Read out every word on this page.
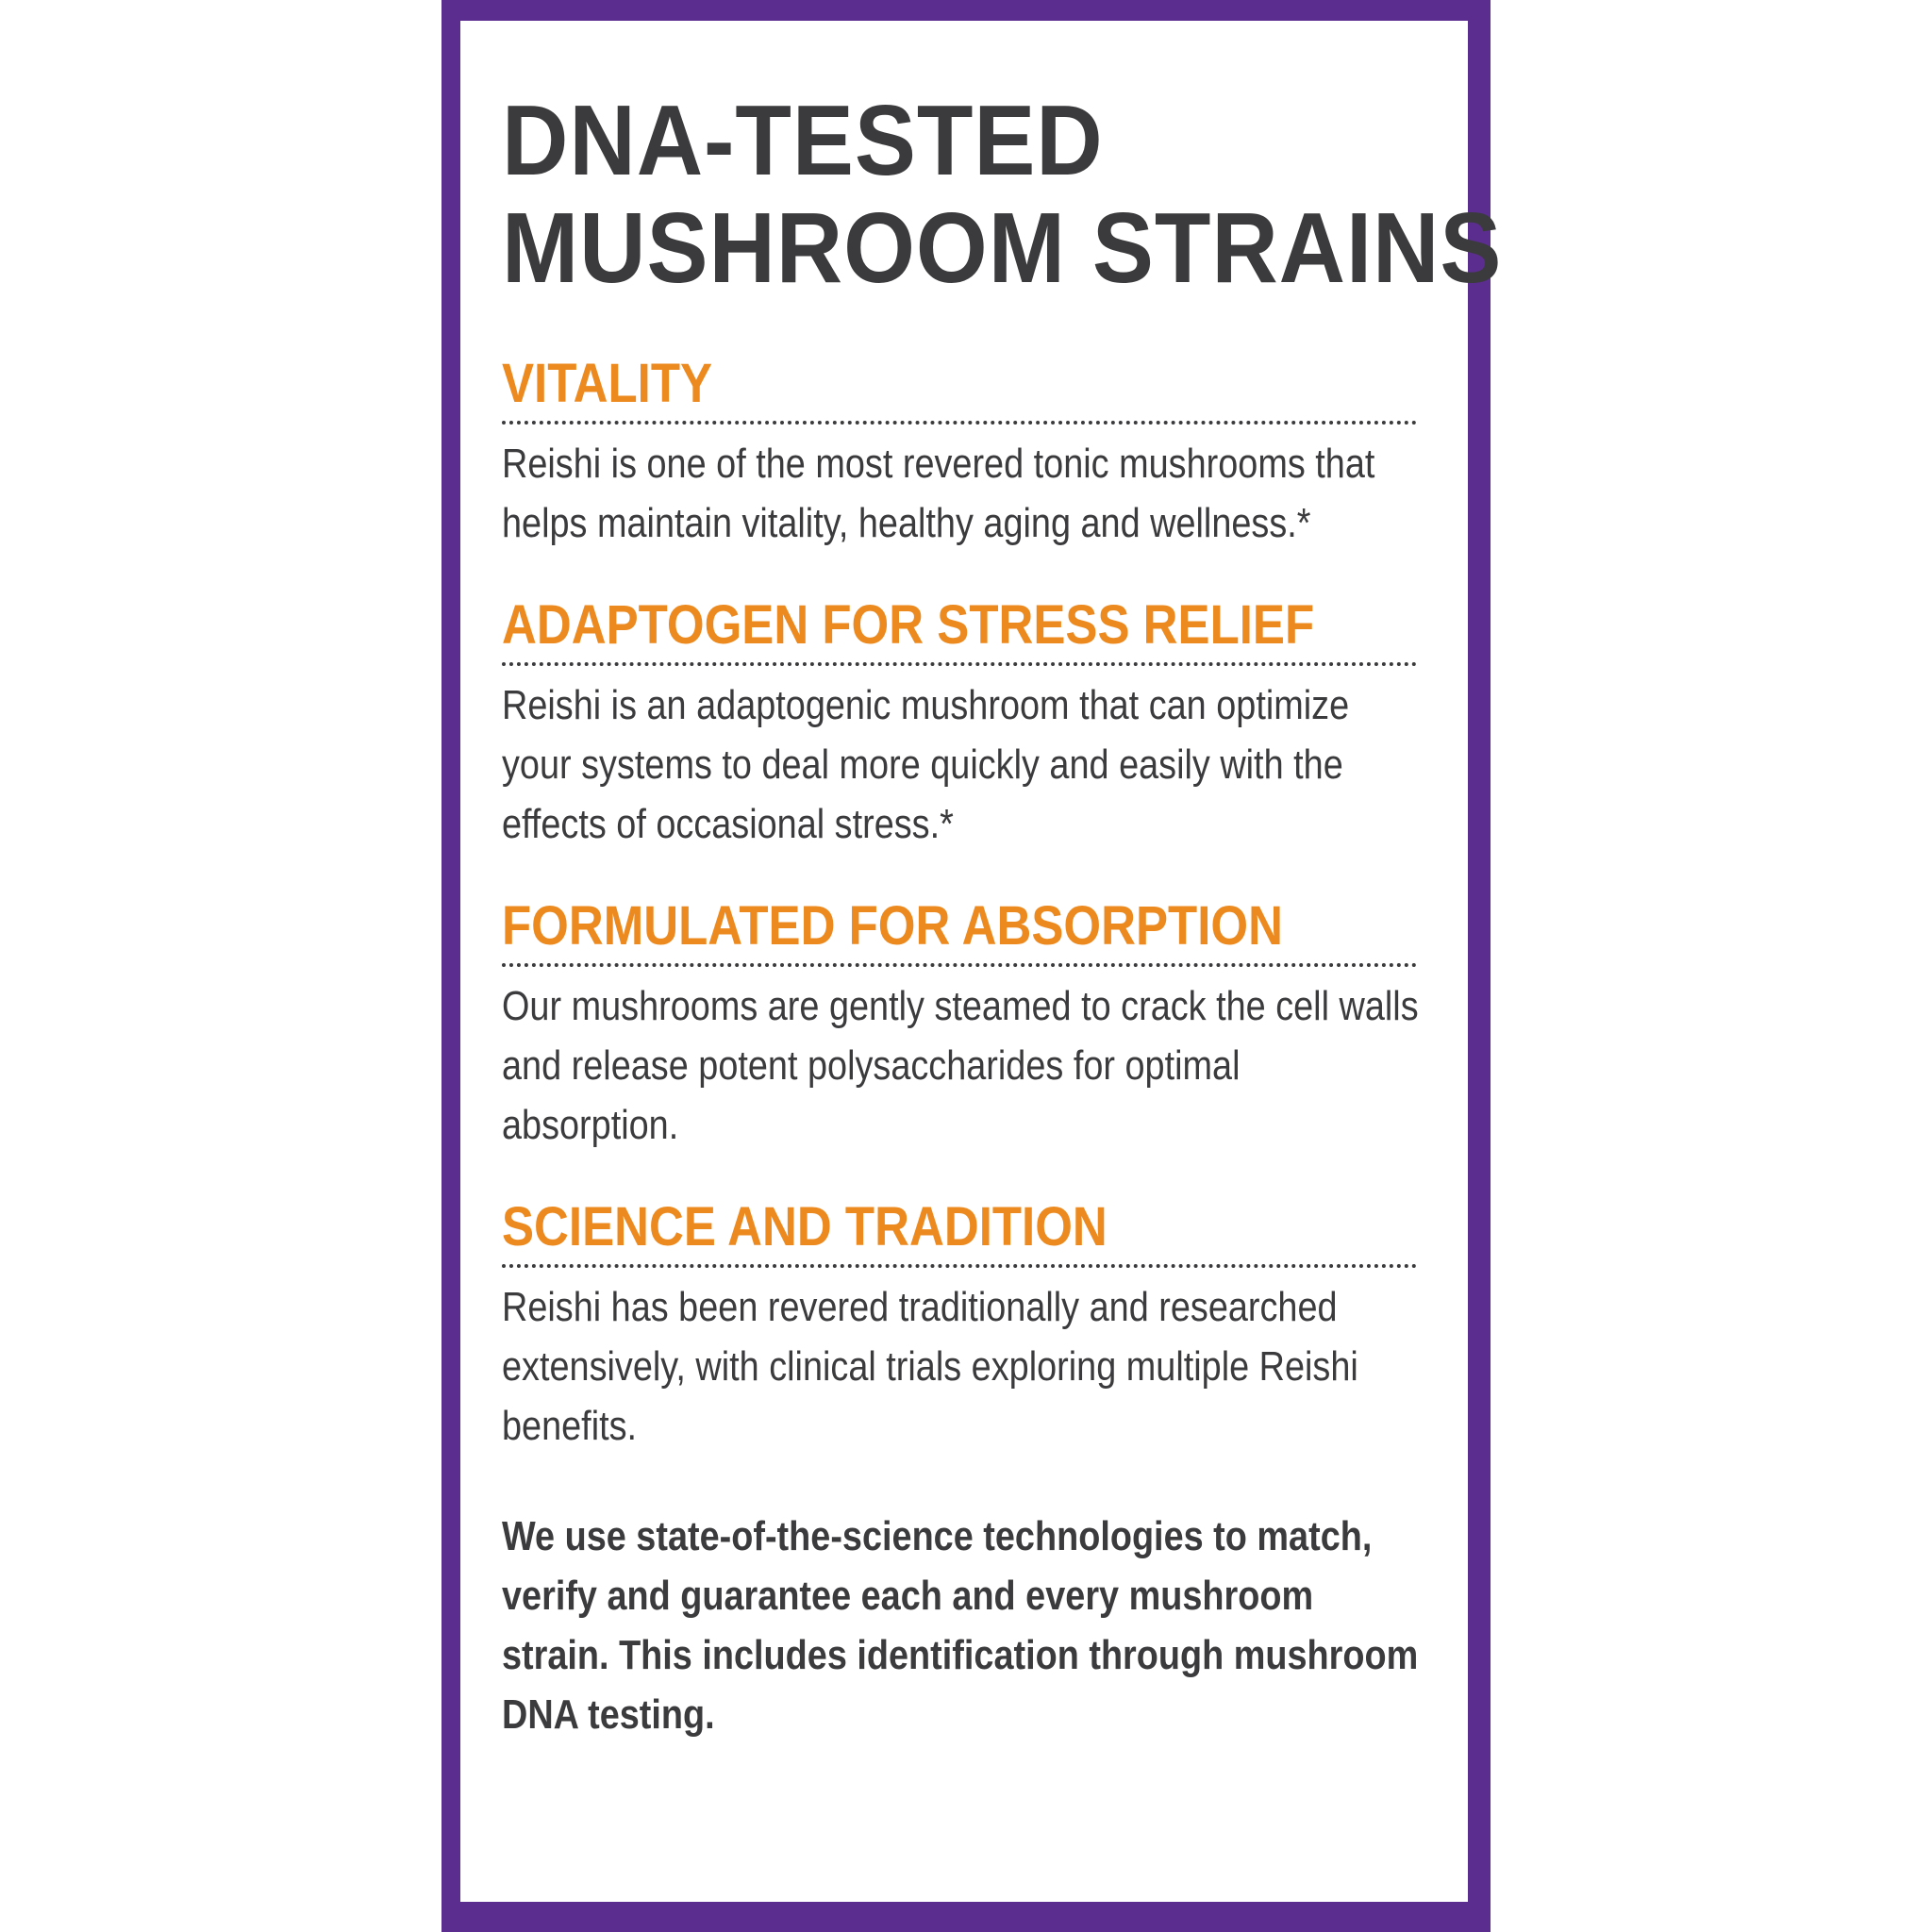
DNA-TESTED
MUSHROOM STRAINS
VITALITY
Reishi is one of the most revered tonic mushrooms that helps maintain vitality, healthy aging and wellness.*
ADAPTOGEN FOR STRESS RELIEF
Reishi is an adaptogenic mushroom that can optimize your systems to deal more quickly and easily with the effects of occasional stress.*
FORMULATED FOR ABSORPTION
Our mushrooms are gently steamed to crack the cell walls and release potent polysaccharides for optimal absorption.
SCIENCE AND TRADITION
Reishi has been revered traditionally and researched extensively, with clinical trials exploring multiple Reishi benefits.
We use state-of-the-science technologies to match, verify and guarantee each and every mushroom strain. This includes identification through mushroom DNA testing.
